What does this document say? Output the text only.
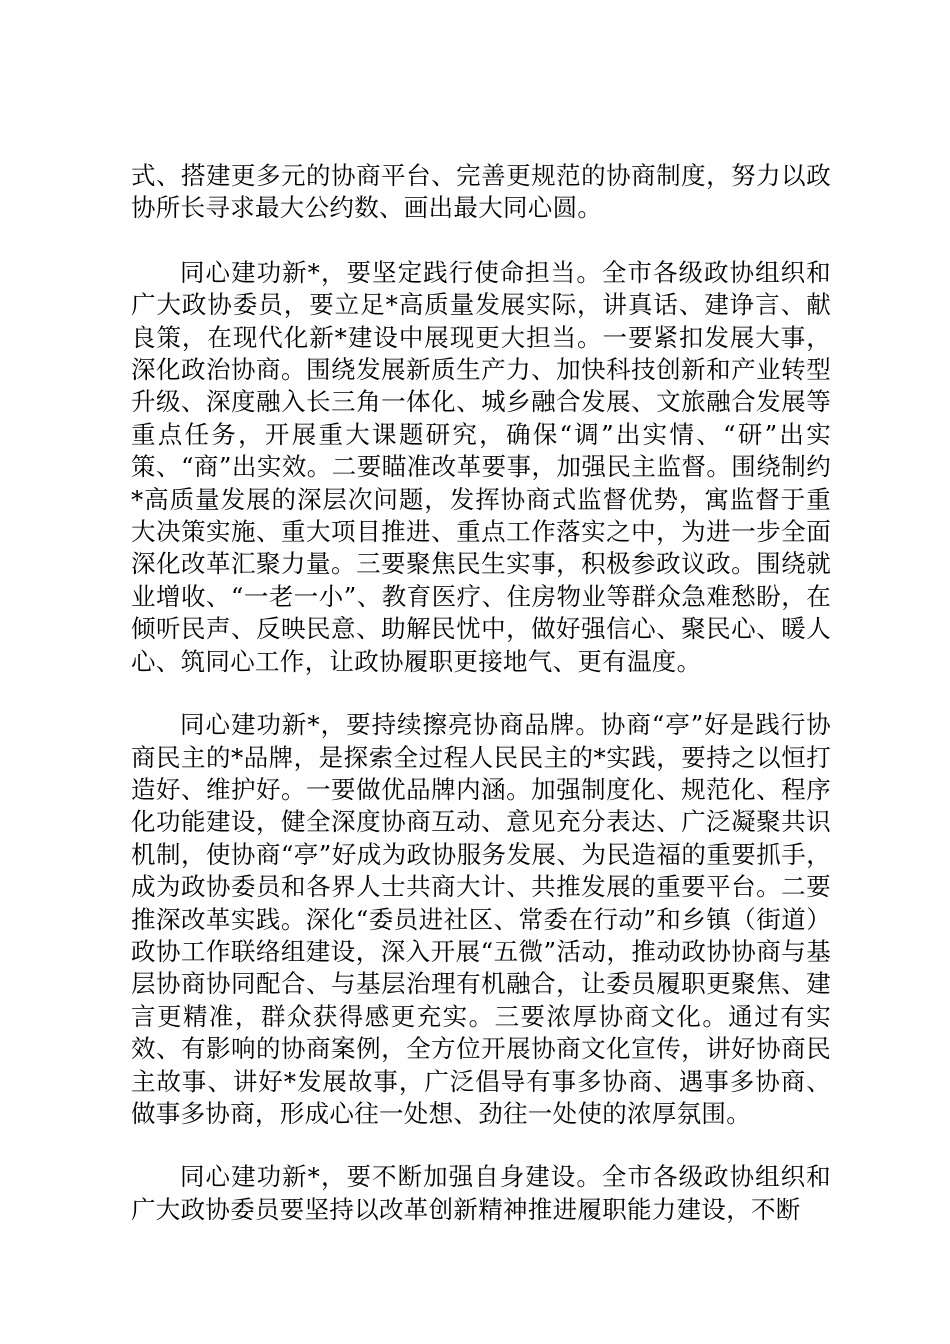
式、搭建更多元的协商平台、完善更规范的协商制度，努力以政协所长寻求最大公约数、画出最大同心圆。

同心建功新*，要坚定践行使命担当。全市各级政协组织和广大政协委员，要立足*高质量发展实际，讲真话、建诤言、献良策，在现代化新*建设中展现更大担当。一要紧扣发展大事，深化政治协商。围绕发展新质生产力、加快科技创新和产业转型升级、深度融入长三角一体化、城乡融合发展、文旅融合发展等重点任务，开展重大课题研究，确保“调”出实情、“研”出实策、“商”出实效。二要瞄准改革要事，加强民主监督。围绕制约*高质量发展的深层次问题，发挥协商式监督优势，寓监督于重大决策实施、重大项目推进、重点工作落实之中，为进一步全面深化改革汇聚力量。三要聚焦民生实事，积极参政议政。围绕就业增收、“一老一小”、教育医疗、住房物业等群众急难愁盼，在倾听民声、反映民意、助解民忧中，做好强信心、聚民心、暖人心、筑同心工作，让政协履职更接地气、更有温度。

同心建功新*，要持续擦亮协商品牌。协商“亭”好是践行协商民主的*品牌，是探索全过程人民民主的*实践，要持之以恒打造好、维护好。一要做优品牌内涵。加强制度化、规范化、程序化功能建设，健全深度协商互动、意见充分表达、广泛凝聚共识机制，使协商“亭”好成为政协服务发展、为民造福的重要抓手，成为政协委员和各界人士共商大计、共推发展的重要平台。二要推深改革实践。深化“委员进社区、常委在行动”和乡镇（街道）政协工作联络组建设，深入开展“五微”活动，推动政协协商与基层协商协同配合、与基层治理有机融合，让委员履职更聚焦、建言更精准，群众获得感更充实。三要浓厚协商文化。通过有实效、有影响的协商案例，全方位开展协商文化宣传，讲好协商民主故事、讲好*发展故事，广泛倡导有事多协商、遇事多协商、做事多协商，形成心往一处想、劲往一处使的浓厚氛围。

同心建功新*，要不断加强自身建设。全市各级政协组织和广大政协委员要坚持以改革创新精神推进履职能力建设，不断
